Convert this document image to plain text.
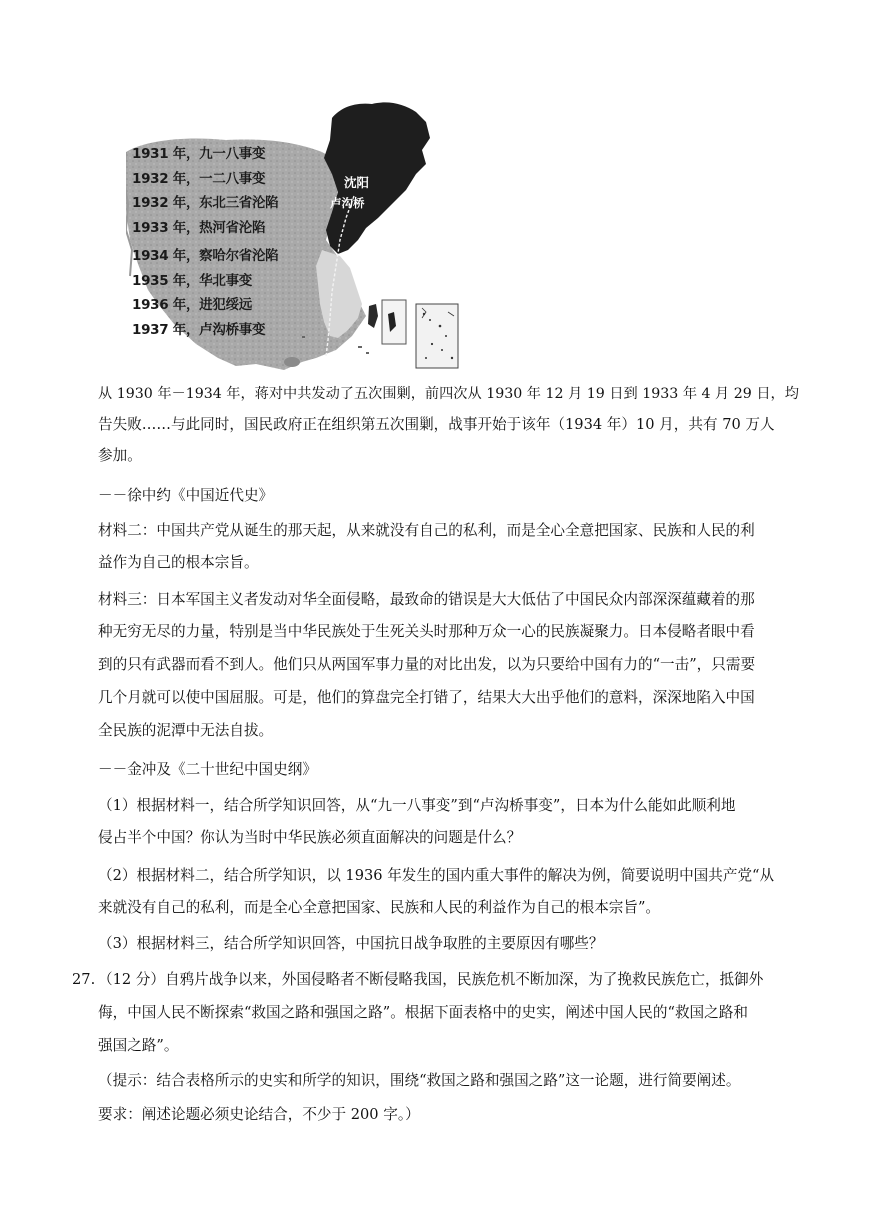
1931 年，九一八事变
1932 年，一二八事变
1932 年，东北三省沦陷
1933 年，热河省沦陷
1934 年，察哈尔省沦陷
1935 年，华北事变
1936 年，进犯绥远
1937 年，卢沟桥事变
沈阳
卢沟桥
从 1930 年－1934 年，蒋对中共发动了五次围剿，前四次从 1930 年 12 月 19 日到 1933 年 4 月 29 日，均
告失败……与此同时，国民政府正在组织第五次围剿，战事开始于该年（1934 年）10 月，共有 70 万人
参加。
－－徐中约《中国近代史》
材料二：中国共产党从诞生的那天起，从来就没有自己的私利，而是全心全意把国家、民族和人民的利
益作为自己的根本宗旨。
材料三：日本军国主义者发动对华全面侵略，最致命的错误是大大低估了中国民众内部深深蕴藏着的那
种无穷无尽的力量，特别是当中华民族处于生死关头时那种万众一心的民族凝聚力。日本侵略者眼中看
到的只有武器而看不到人。他们只从两国军事力量的对比出发，以为只要给中国有力的“一击”，只需要
几个月就可以使中国屈服。可是，他们的算盘完全打错了，结果大大出乎他们的意料，深深地陷入中国
全民族的泥潭中无法自拔。
－－金冲及《二十世纪中国史纲》
（1）根据材料一，结合所学知识回答，从“九一八事变”到“卢沟桥事变”，日本为什么能如此顺利地
侵占半个中国？你认为当时中华民族必须直面解决的问题是什么？
（2）根据材料二，结合所学知识，以 1936 年发生的国内重大事件的解决为例，简要说明中国共产党“从
来就没有自己的私利，而是全心全意把国家、民族和人民的利益作为自己的根本宗旨”。
（3）根据材料三，结合所学知识回答，中国抗日战争取胜的主要原因有哪些？
27. （12 分）自鸦片战争以来，外国侵略者不断侵略我国，民族危机不断加深，为了挽救民族危亡，抵御外
侮，中国人民不断探索“救国之路和强国之路”。根据下面表格中的史实，阐述中国人民的“救国之路和
强国之路”。
（提示：结合表格所示的史实和所学的知识，围绕“救国之路和强国之路”这一论题，进行简要阐述。
要求：阐述论题必须史论结合，不少于 200 字。）
